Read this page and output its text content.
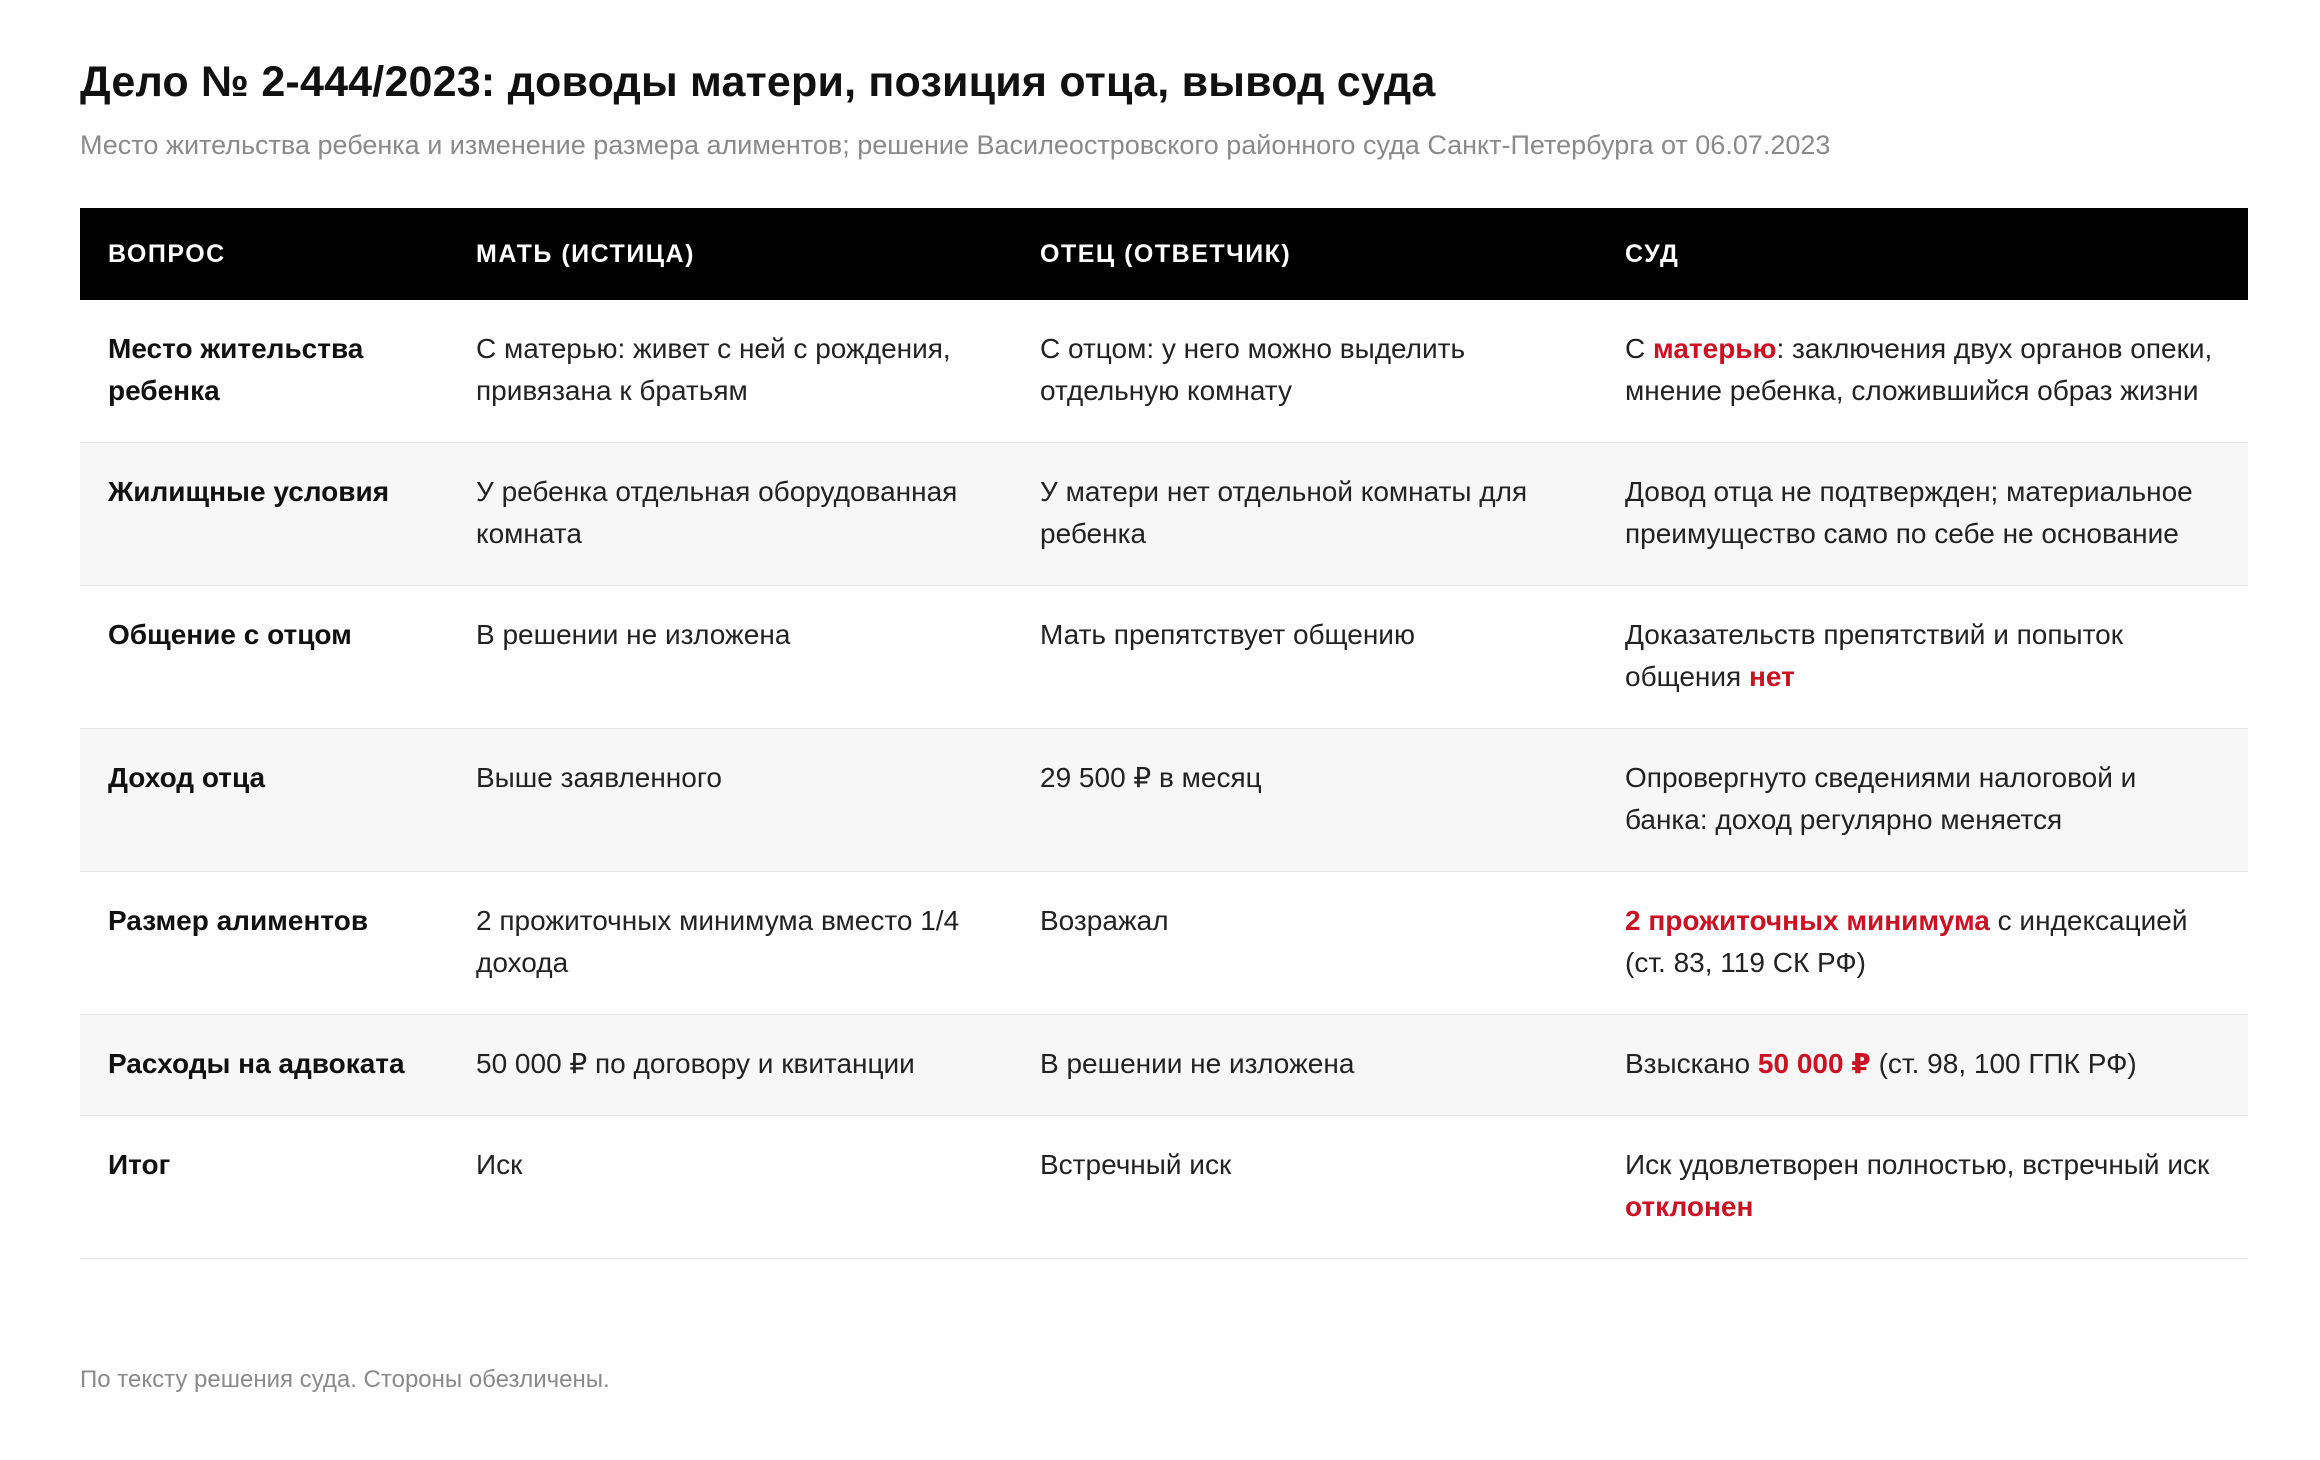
Дело № 2-444/2023: доводы матери, позиция отца, вывод суда

Место жительства ребенка и изменение размера алиментов; решение Василеостровского районного суда Санкт-Петербурга от 06.07.2023

ВОПРОС	МАТЬ (ИСТИЦА)	ОТЕЦ (ОТВЕТЧИК)	СУД
Место жительства ребенка	С матерью: живет с ней с рождения, привязана к братьям	С отцом: у него можно выделить отдельную комнату	С матерью: заключения двух органов опеки, мнение ребенка, сложившийся образ жизни
Жилищные условия	У ребенка отдельная оборудованная комната	У матери нет отдельной комнаты для ребенка	Довод отца не подтвержден; материальное преимущество само по себе не основание
Общение с отцом	В решении не изложена	Мать препятствует общению	Доказательств препятствий и попыток общения нет
Доход отца	Выше заявленного	29 500 ₽ в месяц	Опровергнуто сведениями налоговой и банка: доход регулярно меняется
Размер алиментов	2 прожиточных минимума вместо 1/4 дохода	Возражал	2 прожиточных минимума с индексацией (ст. 83, 119 СК РФ)
Расходы на адвоката	50 000 ₽ по договору и квитанции	В решении не изложена	Взыскано 50 000 ₽ (ст. 98, 100 ГПК РФ)
Итог	Иск	Встречный иск	Иск удовлетворен полностью, встречный иск отклонен

По тексту решения суда. Стороны обезличены.
